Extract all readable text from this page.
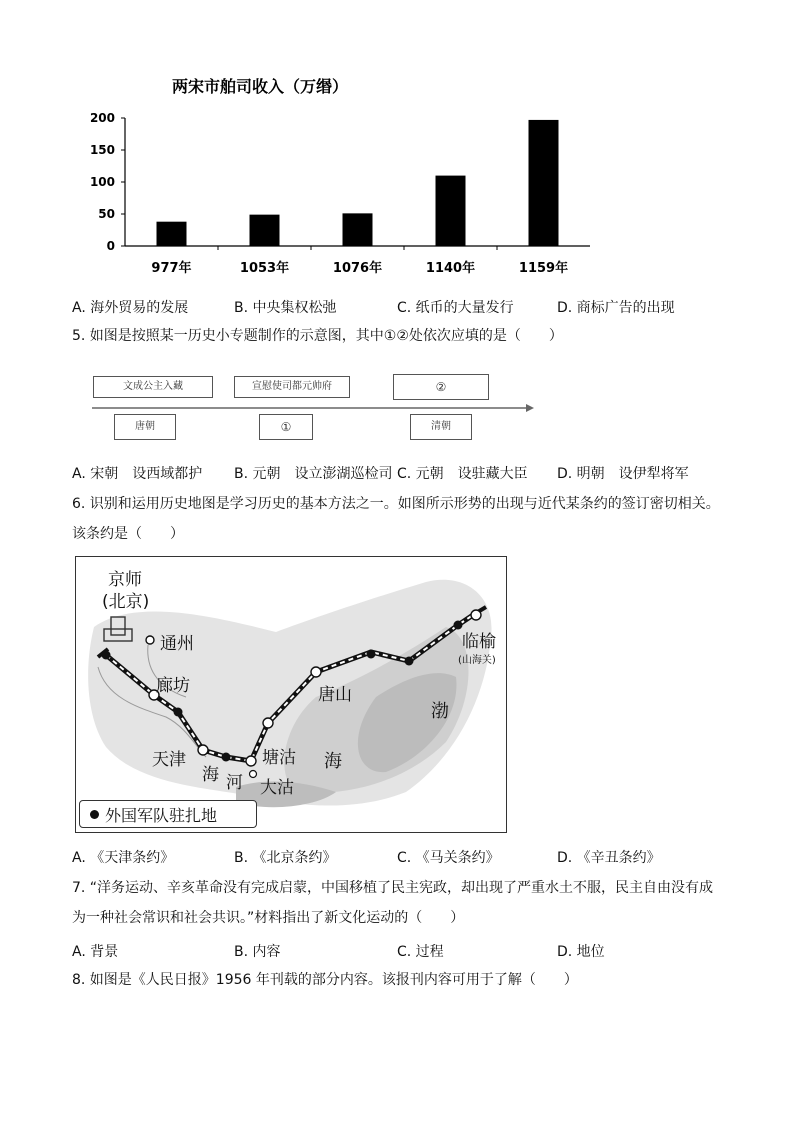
两宋市舶司收入（万缗）
0
50
100
150
200
977年	1053年	1076年	1140年	1159年
A. 海外贸易的发展	B. 中央集权松弛	C. 纸币的大量发行	D. 商标广告的出现
5. 如图是按照某一历史小专题制作的示意图，其中①②处依次应填的是（　　）
文成公主入藏	宣慰使司都元帅府	②
唐朝	①	清朝
A. 宋朝　设西域都护 B. 元朝　设立澎湖巡检司 C. 元朝　设驻藏大臣 D. 明朝　设伊犁将军
6. 识别和运用历史地图是学习历史的基本方法之一。如图所示形势的出现与近代某条约的签订密切相关。
该条约是（　　）
京师
(北京)
通州
廊坊
天津
海 河
塘沽
大沽
唐山
临榆
(山海关)
渤
海
外国军队驻扎地
A. 《天津条约》	B. 《北京条约》	C. 《马关条约》	D. 《辛丑条约》
7. “洋务运动、辛亥革命没有完成启蒙，中国移植了民主宪政，却出现了严重水土不服，民主自由没有成
为一种社会常识和社会共识。”材料指出了新文化运动的（　　）
A. 背景	B. 内容	C. 过程	D. 地位
8. 如图是《人民日报》1956 年刊载的部分内容。该报刊内容可用于了解（　　）
